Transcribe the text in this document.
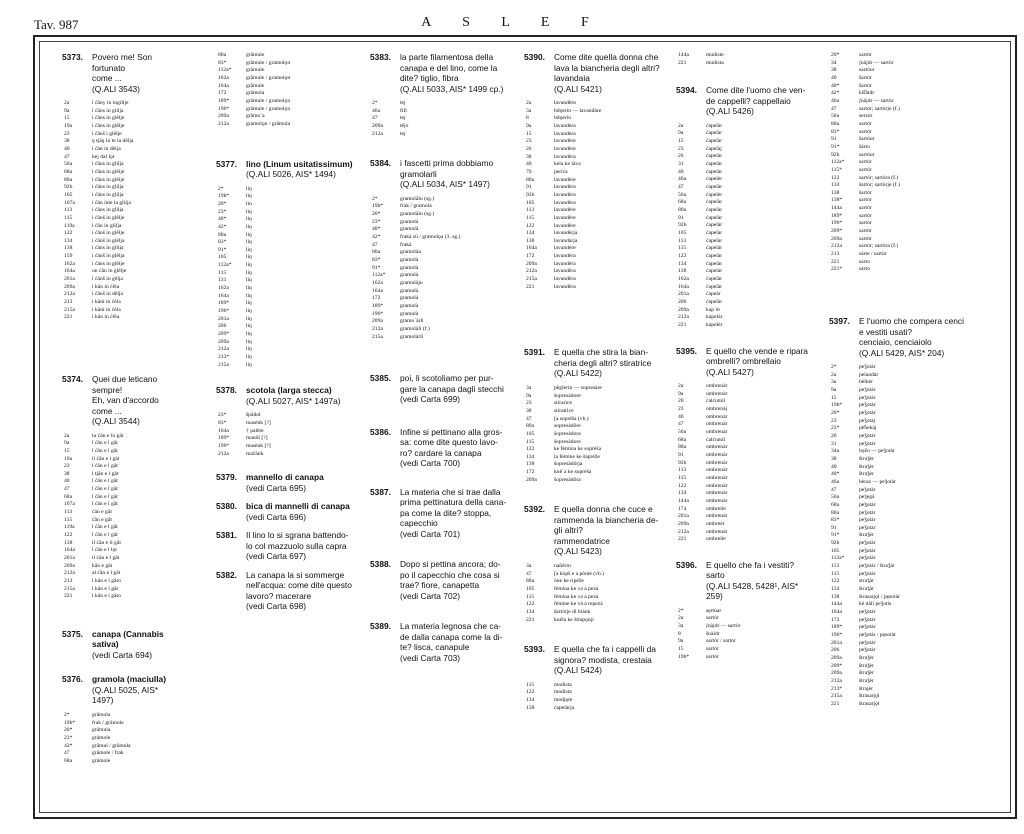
Tav. 987	A S L E F
5373. Povero me! Son fortunato
come ...
(Q.ALI 3543)
2a	i ćāny in ingilĺje
9a	i ćāns in gliĺja
15	i ćāns in glêĺje
19a	i ćāns in glêĺje
23	i ćānš i glêĺje
38	ŋ ŧjāŋ in te la dêĺja
40	i ćān in dêĺja
47	kej dal lǫt
56a	i ćāns in gliĺja
68a	i ćāns in glêĺje
80a	i ćāns in glêĺje
92b	i ćāns in gliĺja
105	i ćāns in gliĺja
107a	i ćān inte la gliĺja
113	i ćāns in gliĺja
115	i ćānš in glêĺje
119a	i ćān in gliĺja
122	i ćānš in glêĺje
134	i ćānš in glêĺja
138	i ćāns in gliĺja
159	i ćānš in glêĺja
162a	i ćāns in glêĺje
164a	un ćān in glêĺje
201a	i ćānš in gêĺja
209a	i kān in ćêĺa
212a	i ćānš in dêĺja
213	i kāni in ćêĺa
215a	i kāni in ćêĺa
221	i kān in ćêĺa
5374. Quei due leticano sempre!
Eh, van d'accordo come ...
(Q.ALI 3544)
2a	lu ćān e lu gāt
9a	l ćān e l gāt
15	l ćān e l gāt
19a	il ćān e l gāt
23	l ćān e l gāt
38	l ŧjān e l gāt
40	l ćān e l gāt
47	l ćān e l gāt
68a	l ćān e l gāt
107a	l ćān e l gāt
113	ćān e gāt
115	ćān e gāt
119a	l ćān e l gāt
122	l ćān e l gāt
138	il ćān e il gāt
164a	l ćān e l lǫt
201a	il ćān e l gāt
209a	kān e gāt
212a	al ćān e l gāt
213	l kān e l gāto
215a	l kān e l gāt
221	l kān e l gāto
5375. canapa (Cannabis sativa)
(vedi Carta 694)
5376. gramola (maciulla)
(Q.ALI 5025, AIS* 1497)
2*	grāmola
19b*	frak / grāmole
20*	grāmula
23*	grāmole
42*	grāmul / grāmula
47	grāmole / frak
68a	grāmole
80a	grāmule
83*	grāmule / gramulǫn
112a*	grāmule
162a	grāmule / gramolǫn
164a	grāmule
172	grāmola
189*	grāmule / gramolǫn
196*	grāmule / gramolǫn
209a	grāmo˙a
212a	gramolǫn / grāmula
5377. lino (Linum usitatissimum)
(Q.ALI 5026, AIS* 1494)
2*	liŋ
19b*	liŋ
20*	lin
23*	liŋ
40*	liŋ
42*	liŋ
80a	liŋ
83*	liŋ
91*	liŋ
105	liŋ
112a*	liŋ
115	liŋ
131	liŋ
162a	liŋ
164a	liŋ
189*	liŋ
196*	liŋ
201a	liŋ
206	liŋ
209*	liŋ
209a	liŋ
212a	liŋ
213*	liŋ
215a	liŋ
5378. scotola (larga stecca)
(Q.ALI 5027, AIS* 1497a)
23*	špādol
83*	masènk [?]
164a	† palète
189*	manôl [?]
196*	masènk [?]
212a	mačànk
5379. mannello di canapa
(vedi Carta 695)
5380. bica di mannelli di canapa
(vedi Carta 696)
5381. Il lino lo si sgrana battendo-
lo col mazzuolo sulla capra
(vedi Carta 697)
5382. La canapa la si sommerge
nell'acqua: come dite questo
lavoro? macerare
(vedi Carta 698)
5383. la parte filamentosa della
canapa e del lino, come la
dite? tiglio, fibra
(Q.ALI 5033, AIS* 1499 cp.)
2*	tej
46a	fifi
47	tej
209a	tějo
212a	tej
5384. i fascetti prima dobbiamo
gramolarli
(Q.ALI 5034, AIS* 1497)
2*	gramolālu (sg.)
19b*	frak / gramolà
20*	gramolālu (sg.)
23*	gramolà
40*	gramolà
42*	frakà sü / gramolǫ́a (3. sg.)
47	frakà
80a	gramolàu
83*	gramolà
91*	gramolà
112a*	gramulà
162a	gramulàju
164a	gramulà
172	gramolà
189*	gramulà
196*	gramulà
209a	gramo˙àrli
212a	gramolàli (f.)
215a	gramolàrli
5385. poi, li scotoliamo per pur-
gare la canapa dagli stecchi
(vedi Carta 699)
5386. Infine si pettinano alla gros-
sa: come dite questo lavo-
ro? cardare la canapa
(vedi Carta 700)
5387. La materia che si trae dalla
prima pettinatura della cana-
pa come la dite? stoppa,
capecchio
(vedi Carta 701)
5388. Dopo si pettina ancora; do-
po il capecchio che cosa si
trae? fiore, canapetta
(vedi Carta 702)
5389. La materia legnosa che ca-
de dalla canapa come la di-
te? lisca, canapule
(vedi Carta 703)
5390. Come dite quella donna che
lava la biancheria degli altri?
lavandaia
(Q.ALI 5421)
2a	lavandêro
3a	bdǫerin — lavandàre
8	bdǫerin
9a	lavandèra
15	lavandèra
23	lavandère
26	lavandère
38	lavandèra
40	kela ke làva
70	perića
80a	lavandère
91	lavandèra
92b	lavandèra
105	lavandèra
113	lavandère
115	lavandère
122	lavandère
134	lavandèrja
138	lavandàrja
164a	lavandère
172	lavandèra
209a	lavandèra
212a	lavandèra
215a	lavandèra
221	lavandèra
5391. E quella che stira la bian-
cheria degli altri? stiratrice
(Q.ALI 5422)
3a	pêglerin — sopresàre
9a	šopresàdore
23	stirarìce
38	stiratrìce
47	[a sopréša (vb.)
80a	sopresàdôre
105	šopresàdora
115	šopresàdore
122	ke fèmina ke sopréša
134	la fémine ke šapréže
138	šopresàdôrja
172	kuê˙a ke sopréša
209a	šopresàdôra
5392. E quella donna che cuce e
rammenda la biancheria de-
gli altri?
rammendatrice
(Q.ALI 5423)
3a	nañèrin
47	[a kòpš e a pònte (vb.)
80a	ône ke ripèže
105	fèmina ke va a pezà
115	fèmina ke va a pezà
122	fèmine ke và a repeżà
134	šartòrje di biànk
221	kuéla ke štrapǫnji
5393. E quella che fa i cappelli da
signora? modista, crestaia
(Q.ALI 5424)
115	modìsta
122	modìsta
134	modjǫ́te
138	ćapelàrja
144a	mudìste
221	mudìsta
5394. Come dite l'uomo che ven-
de cappelli? cappellaio
(Q.ALI 5426)
2a	ćapelàr
9a	ćapelàr
15	ćapelàr
23	ćapelàj
26	ćapelàr
31	ćapelàr
40	ćapelàr
46a	ćapelèr
47	ćapelàr
56a	ćapelèr
68a	ćapelàr
80a	ćapelàr
91	ćapelàr
92b	ćapelàr
105	ćapelàr
113	ćapelàr
115	ćapelàr
122	ćapelàr
134	ćapelàr
138	ćapelàr
162a	ćapelàr
164a	ćapelàr
201a	ćapeàr
206	ćapelàr
209a	kap˙èr
212a	kapelàr
221	kapelèr
5395. E quello che vende e ripara
ombrelli? ombrellaio
(Q.ALI 5427)
2a	ombrenàr
9a	ombrenàr
20	ćalćumìl
23	ombrenàj
40	ombrenàr
47	ombrenàr
56a	ombrenàr
68a	ćalćumìl
80a	ombrenàr
91	ombrenàr
92b	ombrenàr
113	ombrenàr
115	ombrenàr
122	ombrenàr
134	ombrenàr
144a	ombrenàr
174	ombrelèr
201a	ombrenàr
209a	ombreèr
212a	ombrenàr
221	ombrelèr
5396. E quello che fa i vestiti?
sarto
(Q.ALI 5428, 5428¹, AIS*
259)
2*	sęrtùar
2a	sartòr
3a	ʃnàjdr — sartòr
8	šnàidr
9a	sartòr / sartòr
15	sartòr
19b*	sartòr
20*	sartòr
34	ʃnàjdr — sartòr
38	sartòur
40	šartòr
40*	šartòr
42*	kšǐ̄àtdr
46a	ʃnàjdr — sartòr
47	sartòr; sartòrje (f.)
56a	sersòr
80a	sartòr
83*	sartòr
91	šartòur
91*	šàrtu
92b	sartòur
112a*	sartòr
115*	sartòr
122	sartòr; sartòra (f.)
134	šartòr; sartòrje (f.)
138	šartòr
138*	sartòr
144a	sartòr
189*	sartòr
196*	sartòr
209*	sartòr
209a	sartòr
212a	sartòr; sartòra (f.)
213	sàrte / sartòr
221	sarto
221*	sàrto
5397. E l'uomo che compera cenci
e vestiti usati?
cenciaio, cenciaiolo
(Q.ALI 5429, AIS* 204)
2*	peǯotàr
2a	pelandàr
3a	bèlkèr
9a	peǯotàr
15	peǯotàr
19b*	peǯotàr
20*	peǯotàr
23	peǯotàj
23*	pè̃ñekàj
26	peǯotàr
31	peǯotàr
34a	bǫ̀žo — peǯotàr
38	štraǯèr
40	štraǯèr
40*	štraǯèr
46a	bèraz — peǯotàr
47	peǯotàr
56a	peǯegà
68a	peǯotàr
80a	peǯotàr
83*	peǯotàr
91	peǯotàr
91*	štraǯèr
92b	peǯotàr
105	peǯotàr
112a*	peǯotàr
113	peǯotàr / štraǯàr
115	peǯotàr
122	straǯàr
134	štraǯàr
138	štrasarjǫ́l / pęsotàr
144a	kè dàli peǯotis
164a	peǯotàr
172	peǯotàr
189*	peǯotàr
196*	peǯotàr / pęsotàr
201a	peǯotàr
206	peǯotàr
209a	štraǯèr
209*	štraǯèr
209a	štraǯèr
212a	štraǯèr
213*	štrajèr
215a	štrasarjǫ́l
221	štrasarjǫ́l
